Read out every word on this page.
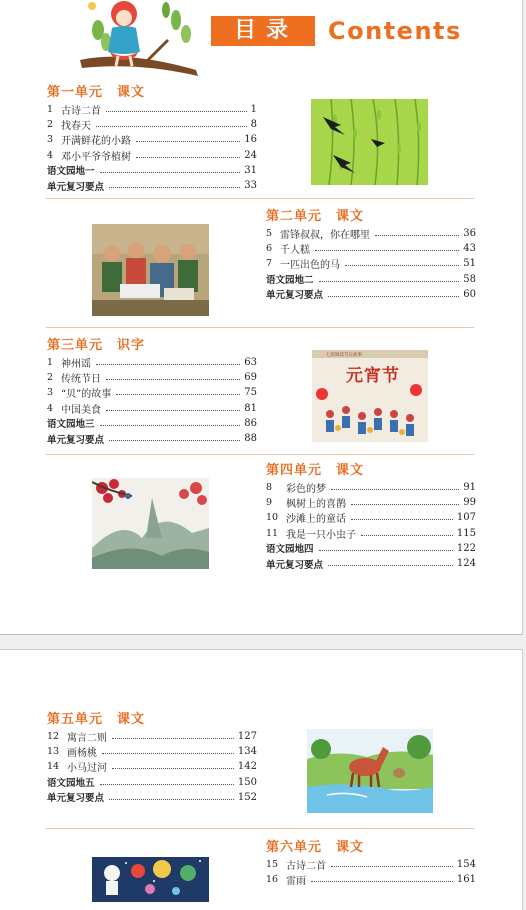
目录	Contents
第一单元　课文
1 古诗二首	1
2 找春天	8
3 开满鲜花的小路	16
4 邓小平爷爷植树	24
语文园地一	31
单元复习要点	33
第二单元　课文
5 雷锋叔叔，你在哪里	36
6 千人糕	43
7 一匹出色的马	51
语文园地二	58
单元复习要点	60
第三单元　识字
1 神州谣	63
2 传统节日	69
3 “贝”的故事	75
4 中国美食	81
语文园地三	86
单元复习要点	88
七彩阅读节日故事
元宵节
第四单元　课文
8	彩色的梦	91
9	枫树上的喜鹊	99
10 沙滩上的童话	107
11 我是一只小虫子	115
语文园地四	122
单元复习要点	124
第五单元　课文
12 寓言二则	127
13 画杨桃	134
14 小马过河	142
语文园地五	150
单元复习要点	152
第六单元　课文
15 古诗二首	154
16 雷雨	161
